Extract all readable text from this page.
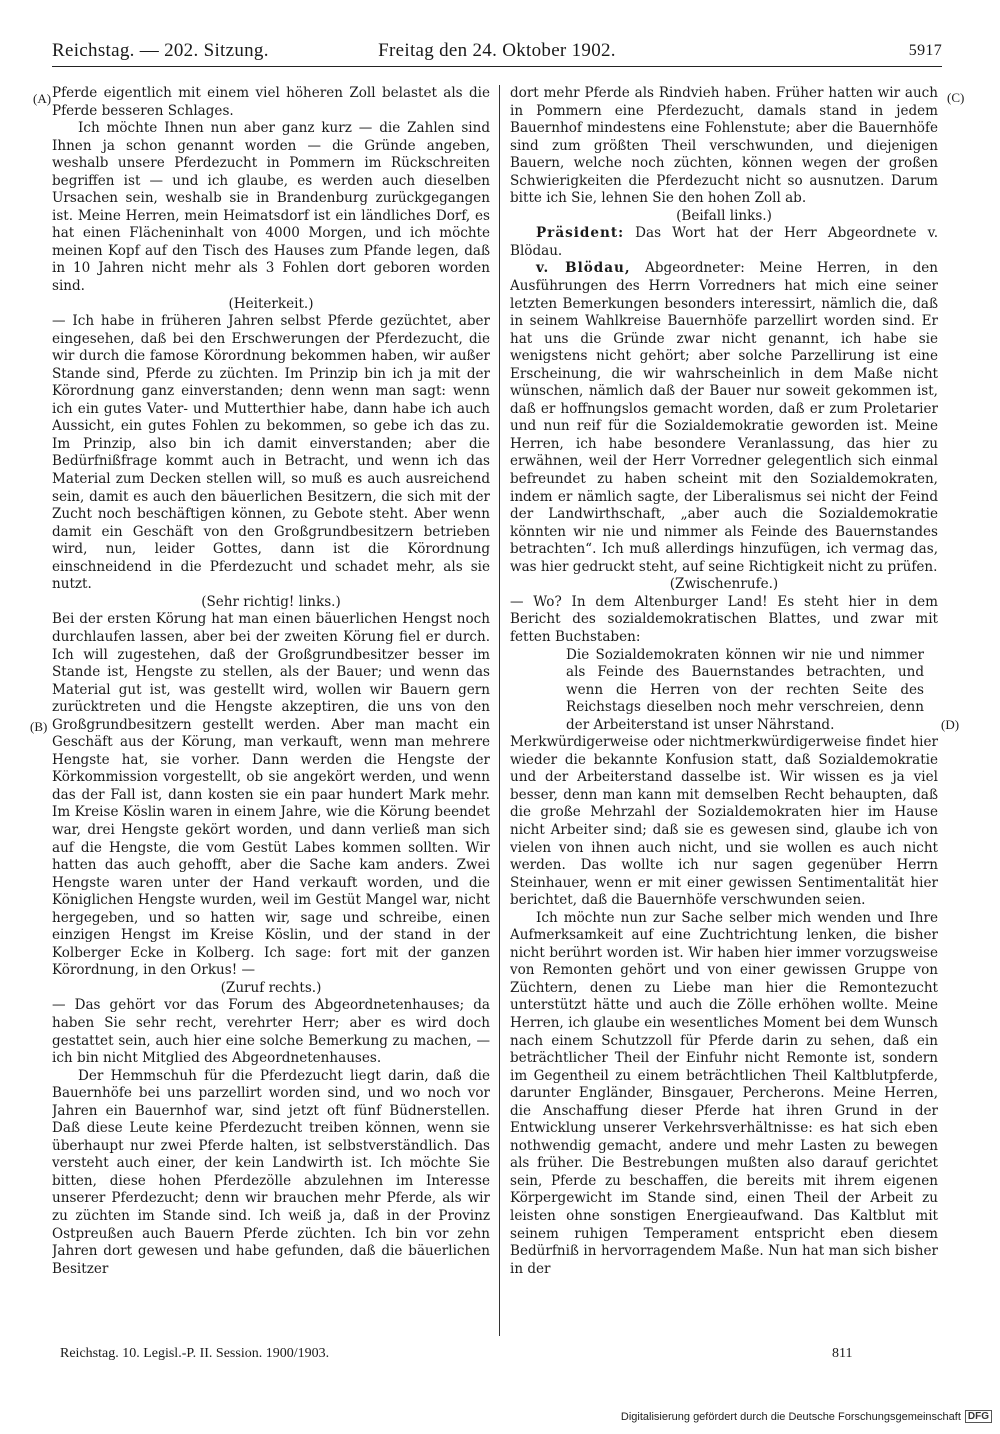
Reichstag. — 202. Sitzung.	Freitag den 24. Oktober 1902.	5917
(A)
(B)
(C)
(D)

Pferde eigentlich mit einem viel höheren Zoll belastet als die Pferde besseren Schlages.

Ich möchte Ihnen nun aber ganz kurz — die Zahlen sind Ihnen ja schon genannt worden — die Gründe angeben, weshalb unsere Pferdezucht in Pommern im Rückschreiten begriffen ist — und ich glaube, es werden auch dieselben Ursachen sein, weshalb sie in Brandenburg zurückgegangen ist. Meine Herren, mein Heimatsdorf ist ein ländliches Dorf, es hat einen Flächeninhalt von 4000 Morgen, und ich möchte meinen Kopf auf den Tisch des Hauses zum Pfande legen, daß in 10 Jahren nicht mehr als 3 Fohlen dort geboren worden sind.

(Heiterkeit.)

— Ich habe in früheren Jahren selbst Pferde gezüchtet, aber eingesehen, daß bei den Erschwerungen der Pferdezucht, die wir durch die famose Körordnung bekommen haben, wir außer Stande sind, Pferde zu züchten. Im Prinzip bin ich ja mit der Körordnung ganz einverstanden; denn wenn man sagt: wenn ich ein gutes Vater- und Mutterthier habe, dann habe ich auch Aussicht, ein gutes Fohlen zu bekommen, so gebe ich das zu. Im Prinzip, also bin ich damit einverstanden; aber die Bedürfnißfrage kommt auch in Betracht, und wenn ich das Material zum Decken stellen will, so muß es auch ausreichend sein, damit es auch den bäuerlichen Besitzern, die sich mit der Zucht noch beschäftigen können, zu Gebote steht. Aber wenn damit ein Geschäft von den Großgrundbesitzern betrieben wird, nun, leider Gottes, dann ist die Körordnung einschneidend in die Pferdezucht und schadet mehr, als sie nutzt.

(Sehr richtig! links.)

Bei der ersten Körung hat man einen bäuerlichen Hengst noch durchlaufen lassen, aber bei der zweiten Körung fiel er durch. Ich will zugestehen, daß der Großgrundbesitzer besser im Stande ist, Hengste zu stellen, als der Bauer; und wenn das Material gut ist, was gestellt wird, wollen wir Bauern gern zurücktreten und die Hengste akzeptiren, die uns von den Großgrundbesitzern gestellt werden. Aber man macht ein Geschäft aus der Körung, man verkauft, wenn man mehrere Hengste hat, sie vorher. Dann werden die Hengste der Körkommission vorgestellt, ob sie angekört werden, und wenn das der Fall ist, dann kosten sie ein paar hundert Mark mehr. Im Kreise Köslin waren in einem Jahre, wie die Körung beendet war, drei Hengste gekört worden, und dann verließ man sich auf die Hengste, die vom Gestüt Labes kommen sollten. Wir hatten das auch gehofft, aber die Sache kam anders. Zwei Hengste waren unter der Hand verkauft worden, und die Königlichen Hengste wurden, weil im Gestüt Mangel war, nicht hergegeben, und so hatten wir, sage und schreibe, einen einzigen Hengst im Kreise Köslin, und der stand in der Kolberger Ecke in Kolberg. Ich sage: fort mit der ganzen Körordnung, in den Orkus! —

(Zuruf rechts.)

— Das gehört vor das Forum des Abgeordnetenhauses; da haben Sie sehr recht, verehrter Herr; aber es wird doch gestattet sein, auch hier eine solche Bemerkung zu machen, — ich bin nicht Mitglied des Abgeordnetenhauses.

Der Hemmschuh für die Pferdezucht liegt darin, daß die Bauernhöfe bei uns parzellirt worden sind, und wo noch vor Jahren ein Bauernhof war, sind jetzt oft fünf Büdnerstellen. Daß diese Leute keine Pferdezucht treiben können, wenn sie überhaupt nur zwei Pferde halten, ist selbstverständlich. Das versteht auch einer, der kein Landwirth ist. Ich möchte Sie bitten, diese hohen Pferdezölle abzulehnen im Interesse unserer Pferdezucht; denn wir brauchen mehr Pferde, als wir zu züchten im Stande sind. Ich weiß ja, daß in der Provinz Ostpreußen auch Bauern Pferde züchten. Ich bin vor zehn Jahren dort gewesen und habe gefunden, daß die bäuerlichen Besitzer

dort mehr Pferde als Rindvieh haben. Früher hatten wir auch in Pommern eine Pferdezucht, damals stand in jedem Bauernhof mindestens eine Fohlenstute; aber die Bauernhöfe sind zum größten Theil verschwunden, und diejenigen Bauern, welche noch züchten, können wegen der großen Schwierigkeiten die Pferdezucht nicht so ausnutzen. Darum bitte ich Sie, lehnen Sie den hohen Zoll ab.

(Beifall links.)

Präsident: Das Wort hat der Herr Abgeordnete v. Blödau.

v. Blödau, Abgeordneter: Meine Herren, in den Ausführungen des Herrn Vorredners hat mich eine seiner letzten Bemerkungen besonders interessirt, nämlich die, daß in seinem Wahlkreise Bauernhöfe parzellirt worden sind. Er hat uns die Gründe zwar nicht genannt, ich habe sie wenigstens nicht gehört; aber solche Parzellirung ist eine Erscheinung, die wir wahrscheinlich in dem Maße nicht wünschen, nämlich daß der Bauer nur soweit gekommen ist, daß er hoffnungslos gemacht worden, daß er zum Proletarier und nun reif für die Sozialdemokratie geworden ist. Meine Herren, ich habe besondere Veranlassung, das hier zu erwähnen, weil der Herr Vorredner gelegentlich sich einmal befreundet zu haben scheint mit den Sozialdemokraten, indem er nämlich sagte, der Liberalismus sei nicht der Feind der Landwirthschaft, „aber auch die Sozialdemokratie könnten wir nie und nimmer als Feinde des Bauernstandes betrachten“. Ich muß allerdings hinzufügen, ich vermag das, was hier gedruckt steht, auf seine Richtigkeit nicht zu prüfen.

(Zwischenrufe.)

— Wo? In dem Altenburger Land! Es steht hier in dem Bericht des sozialdemokratischen Blattes, und zwar mit fetten Buchstaben:

Die Sozialdemokraten können wir nie und nimmer als Feinde des Bauernstandes betrachten, und wenn die Herren von der rechten Seite des Reichstags dieselben noch mehr verschreien, denn der Arbeiterstand ist unser Nährstand.

Merkwürdigerweise oder nichtmerkwürdigerweise findet hier wieder die bekannte Konfusion statt, daß Sozialdemokratie und der Arbeiterstand dasselbe ist. Wir wissen es ja viel besser, denn man kann mit demselben Recht behaupten, daß die große Mehrzahl der Sozialdemokraten hier im Hause nicht Arbeiter sind; daß sie es gewesen sind, glaube ich von vielen von ihnen auch nicht, und sie wollen es auch nicht werden. Das wollte ich nur sagen gegenüber Herrn Steinhauer, wenn er mit einer gewissen Sentimentalität hier berichtet, daß die Bauernhöfe verschwunden seien.

Ich möchte nun zur Sache selber mich wenden und Ihre Aufmerksamkeit auf eine Zuchtrichtung lenken, die bisher nicht berührt worden ist. Wir haben hier immer vorzugsweise von Remonten gehört und von einer gewissen Gruppe von Züchtern, denen zu Liebe man hier die Remontezucht unterstützt hätte und auch die Zölle erhöhen wollte. Meine Herren, ich glaube ein wesentliches Moment bei dem Wunsch nach einem Schutzzoll für Pferde darin zu sehen, daß ein beträchtlicher Theil der Einfuhr nicht Remonte ist, sondern im Gegentheil zu einem beträchtlichen Theil Kaltblutpferde, darunter Engländer, Binsgauer, Percherons. Meine Herren, die Anschaffung dieser Pferde hat ihren Grund in der Entwicklung unserer Verkehrsverhältnisse: es hat sich eben nothwendig gemacht, andere und mehr Lasten zu bewegen als früher. Die Bestrebungen mußten also darauf gerichtet sein, Pferde zu beschaffen, die bereits mit ihrem eigenen Körpergewicht im Stande sind, einen Theil der Arbeit zu leisten ohne sonstigen Energieaufwand. Das Kaltblut mit seinem ruhigen Temperament entspricht eben diesem Bedürfniß in hervorragendem Maße. Nun hat man sich bisher in der

Reichstag. 10. Legisl.-P. II. Session. 1900/1903.	811
Digitalisierung gefördert durch die Deutsche Forschungsgemeinschaft DFG
